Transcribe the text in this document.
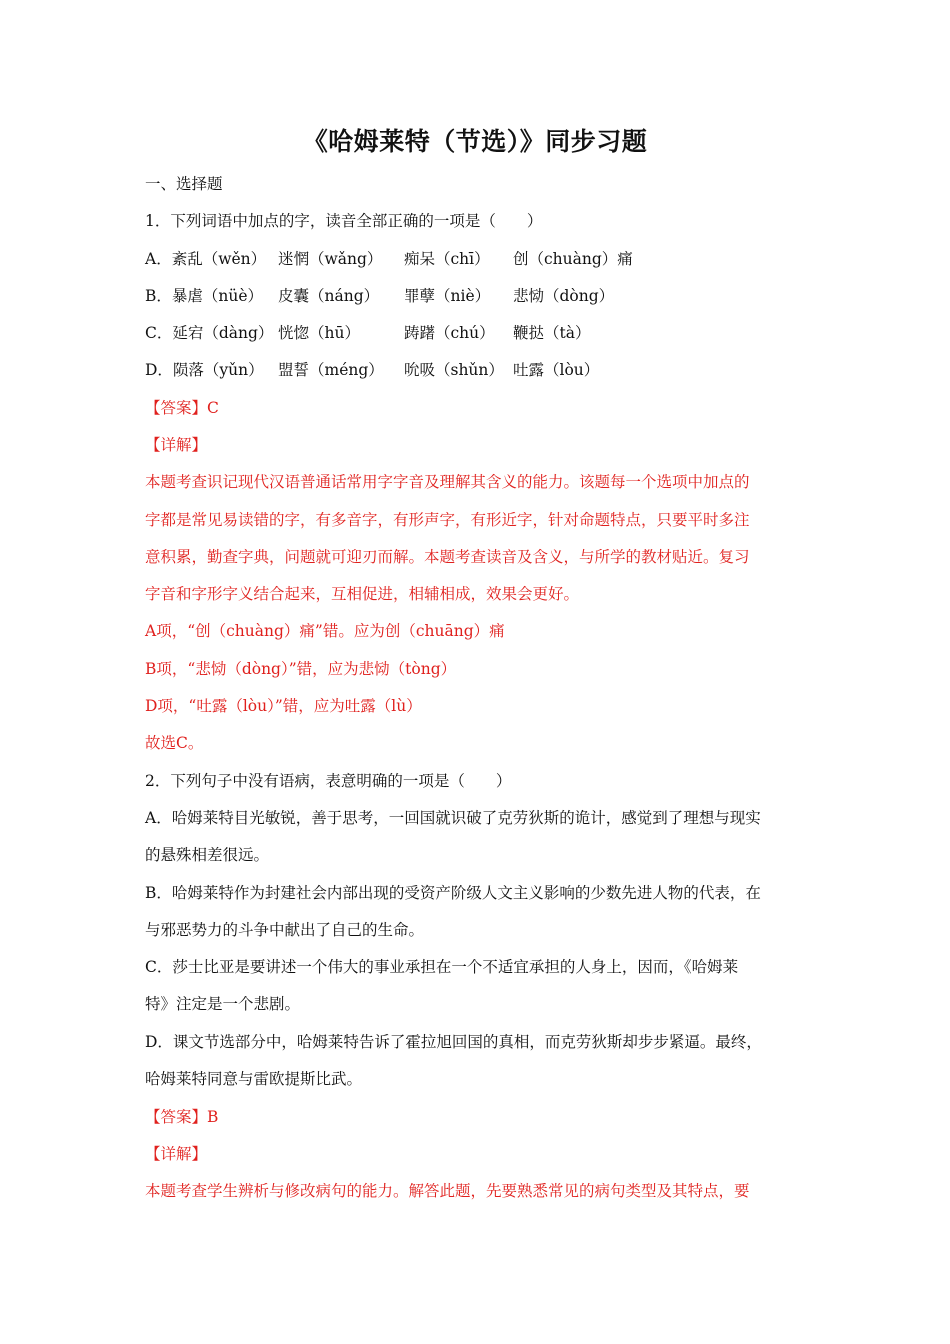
《哈姆莱特（节选）》同步习题
一、选择题
1．下列词语中加点的字，读音全部正确的一项是（　　）
A．紊乱（wěn） 迷惘（wǎng） 痴呆（chī） 创（chuàng）痛
B．暴虐（nüè） 皮囊（náng） 罪孽（niè） 悲恸（dòng）
C．延宕（dàng） 恍惚（hū）	踌躇（chú） 鞭挞（tà）
D．陨落（yǔn） 盟誓（méng） 吮吸（shǔn） 吐露（lòu）
【答案】C
【详解】
本题考查识记现代汉语普通话常用字字音及理解其含义的能力。该题每一个选项中加点的
字都是常见易读错的字，有多音字，有形声字，有形近字，针对命题特点，只要平时多注
意积累，勤查字典，问题就可迎刃而解。本题考查读音及含义，与所学的教材贴近。复习
字音和字形字义结合起来，互相促进，相辅相成，效果会更好。
A项，“创（chuàng）痛”错。应为创（chuāng）痛
B项，“悲恸（dòng）”错，应为悲恸（tòng）
D项，“吐露（lòu）”错，应为吐露（lù）
故选C。
2．下列句子中没有语病，表意明确的一项是（　　）
A．哈姆莱特目光敏锐，善于思考，一回国就识破了克劳狄斯的诡计，感觉到了理想与现实
的悬殊相差很远。
B．哈姆莱特作为封建社会内部出现的受资产阶级人文主义影响的少数先进人物的代表，在
与邪恶势力的斗争中献出了自己的生命。
C．莎士比亚是要讲述一个伟大的事业承担在一个不适宜承担的人身上，因而，《哈姆莱
特》注定是一个悲剧。
D．课文节选部分中，哈姆莱特告诉了霍拉旭回国的真相，而克劳狄斯却步步紧逼。最终，
哈姆莱特同意与雷欧提斯比武。
【答案】B
【详解】
本题考查学生辨析与修改病句的能力。解答此题，先要熟悉常见的病句类型及其特点，要
